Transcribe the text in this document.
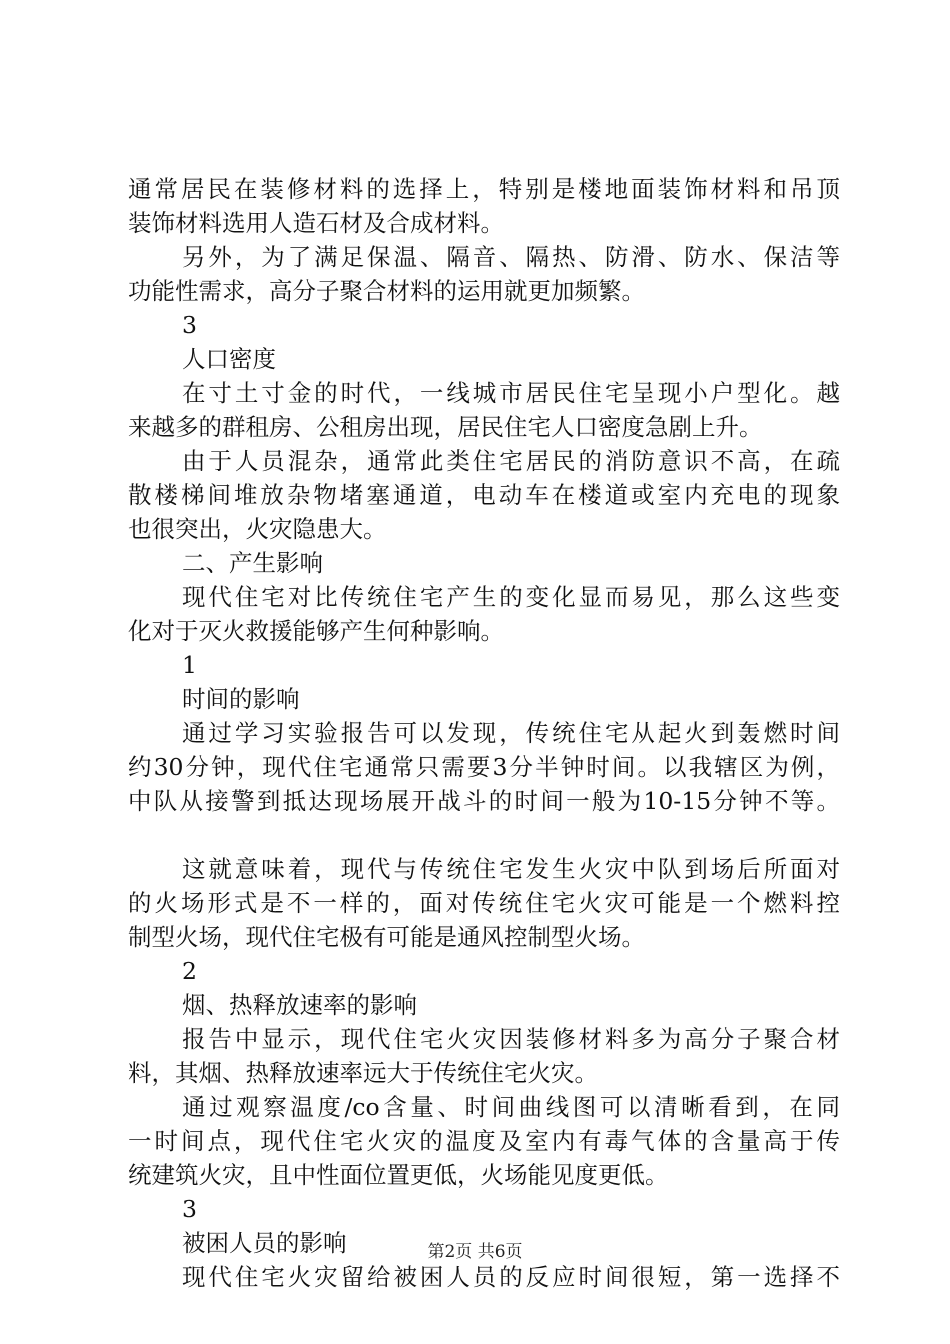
通常居民在装修材料的选择上，特别是楼地面装饰材料和吊顶
装饰材料选用人造石材及合成材料。
另外，为了满足保温、隔音、隔热、防滑、防水、保洁等
功能性需求，高分子聚合材料的运用就更加频繁。
3
人口密度
在寸土寸金的时代，一线城市居民住宅呈现小户型化。越
来越多的群租房、公租房出现，居民住宅人口密度急剧上升。
由于人员混杂，通常此类住宅居民的消防意识不高，在疏
散楼梯间堆放杂物堵塞通道，电动车在楼道或室内充电的现象
也很突出，火灾隐患大。
二、产生影响
现代住宅对比传统住宅产生的变化显而易见，那么这些变
化对于灭火救援能够产生何种影响。
1
时间的影响
通过学习实验报告可以发现，传统住宅从起火到轰燃时间
约30分钟，现代住宅通常只需要3分半钟时间。以我辖区为例，
中队从接警到抵达现场展开战斗的时间一般为10-15分钟不等。
这就意味着，现代与传统住宅发生火灾中队到场后所面对
的火场形式是不一样的，面对传统住宅火灾可能是一个燃料控
制型火场，现代住宅极有可能是通风控制型火场。
2
烟、热释放速率的影响
报告中显示，现代住宅火灾因装修材料多为高分子聚合材
料，其烟、热释放速率远大于传统住宅火灾。
通过观察温度/co含量、时间曲线图可以清晰看到，在同
一时间点，现代住宅火灾的温度及室内有毒气体的含量高于传
统建筑火灾，且中性面位置更低，火场能见度更低。
3
被困人员的影响
现代住宅火灾留给被困人员的反应时间很短，第一选择不
第2页 共6页
